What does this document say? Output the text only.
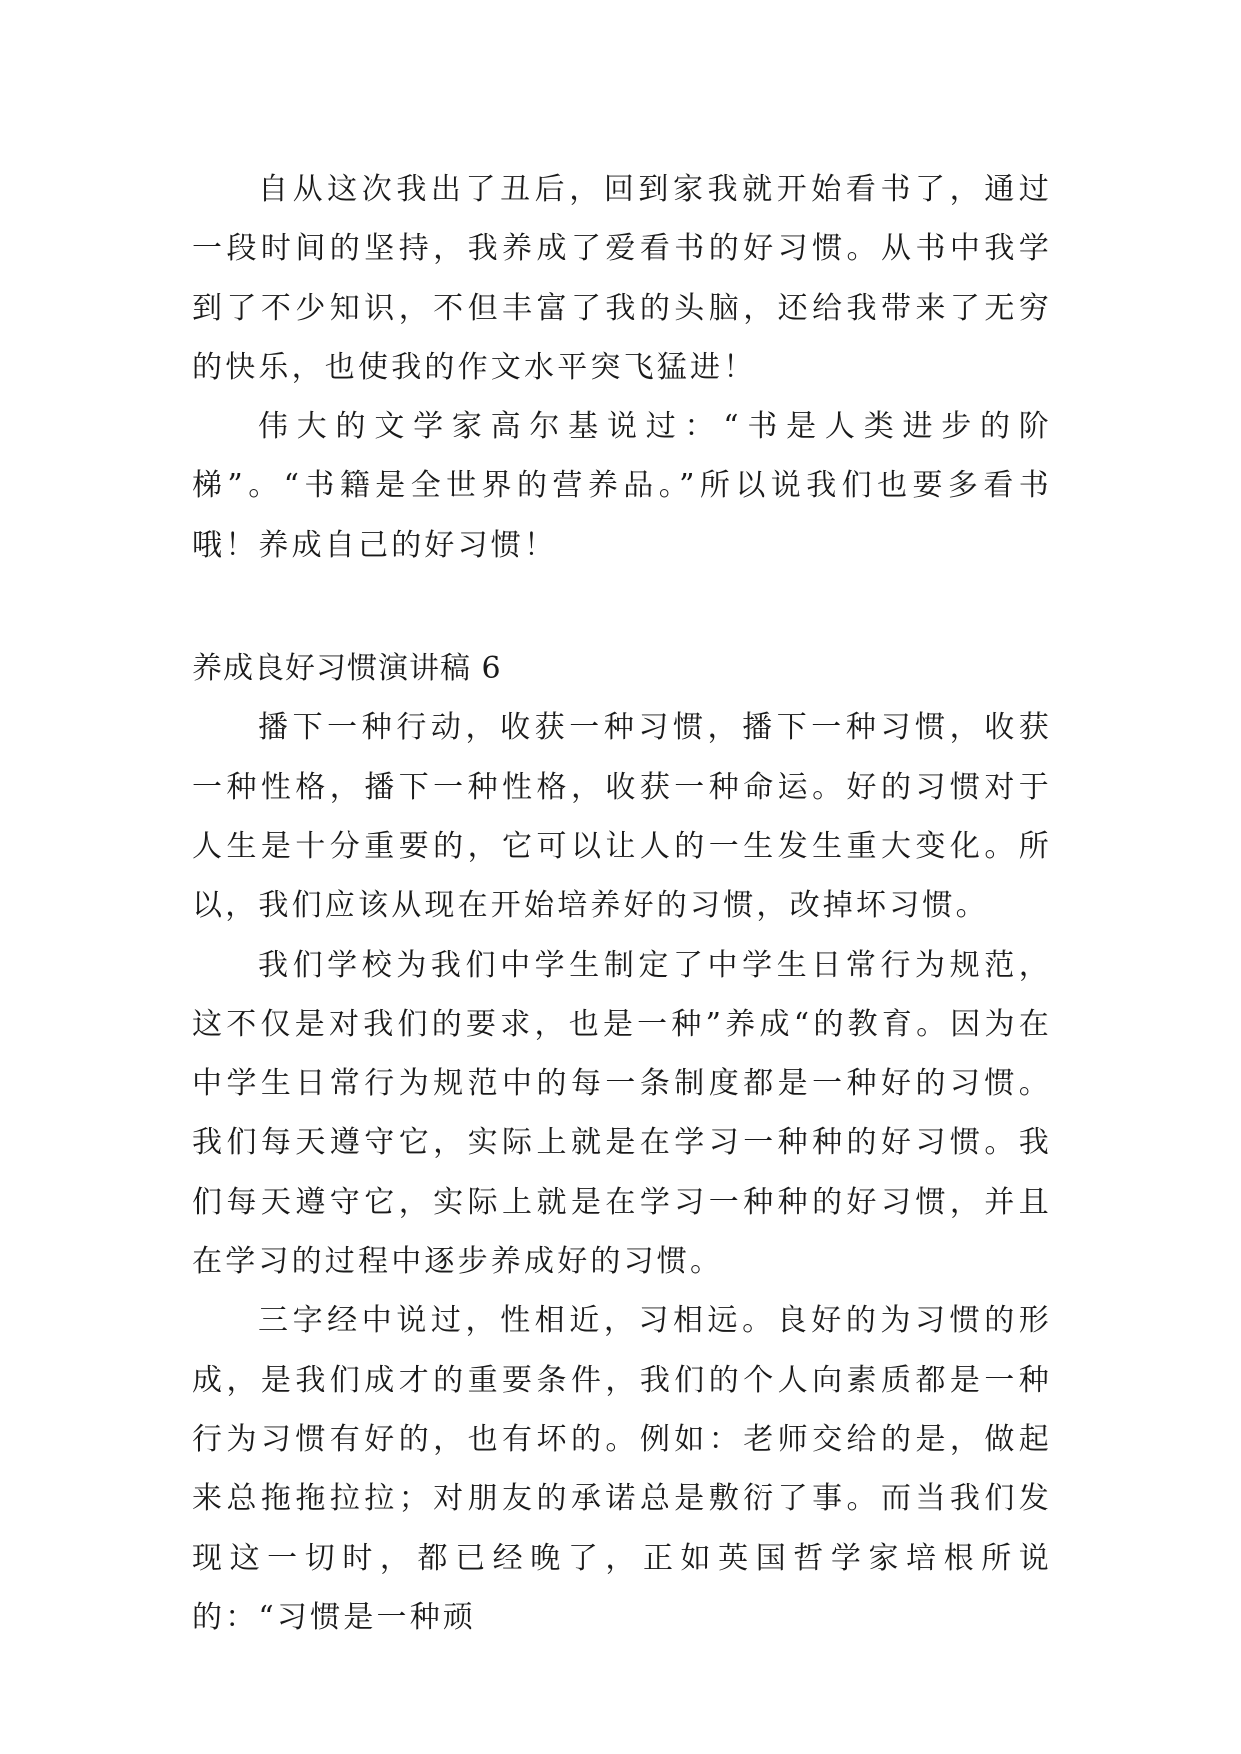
自从这次我出了丑后，回到家我就开始看书了，通过一段时间的坚持，我养成了爱看书的好习惯。从书中我学到了不少知识，不但丰富了我的头脑，还给我带来了无穷的快乐，也使我的作文水平突飞猛进！

伟大的文学家高尔基说过：“书是人类进步的阶梯”。“书籍是全世界的营养品。”所以说我们也要多看书哦！养成自己的好习惯！

养成良好习惯演讲稿 6

播下一种行动，收获一种习惯，播下一种习惯，收获一种性格，播下一种性格，收获一种命运。好的习惯对于人生是十分重要的，它可以让人的一生发生重大变化。所以，我们应该从现在开始培养好的习惯，改掉坏习惯。

我们学校为我们中学生制定了中学生日常行为规范，这不仅是对我们的要求，也是一种”养成“的教育。因为在中学生日常行为规范中的每一条制度都是一种好的习惯。我们每天遵守它，实际上就是在学习一种种的好习惯。我们每天遵守它，实际上就是在学习一种种的好习惯，并且在学习的过程中逐步养成好的习惯。

三字经中说过，性相近，习相远。良好的为习惯的形成，是我们成才的重要条件，我们的个人向素质都是一种行为习惯有好的，也有坏的。例如：老师交给的是，做起来总拖拖拉拉；对朋友的承诺总是敷衍了事。而当我们发现这一切时，都已经晚了，正如英国哲学家培根所说的：“习惯是一种顽
